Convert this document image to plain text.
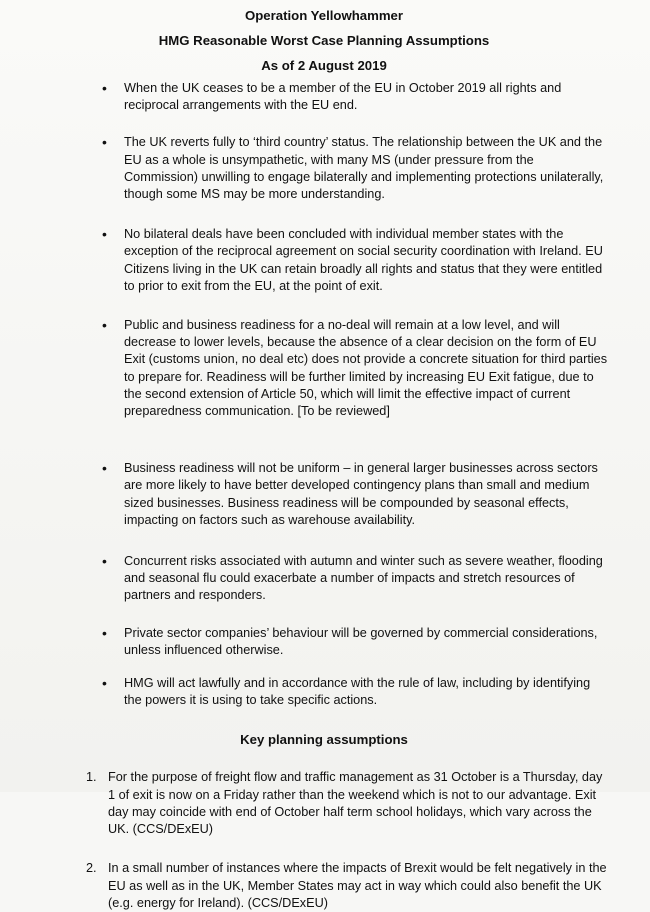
Operation Yellowhammer
HMG Reasonable Worst Case Planning Assumptions
As of 2 August 2019
• When the UK ceases to be a member of the EU in October 2019 all rights and reciprocal arrangements with the EU end.
• The UK reverts fully to ‘third country’ status. The relationship between the UK and the EU as a whole is unsympathetic, with many MS (under pressure from the Commission) unwilling to engage bilaterally and implementing protections unilaterally, though some MS may be more understanding.
• No bilateral deals have been concluded with individual member states with the exception of the reciprocal agreement on social security coordination with Ireland. EU Citizens living in the UK can retain broadly all rights and status that they were entitled to prior to exit from the EU, at the point of exit.
• Public and business readiness for a no-deal will remain at a low level, and will decrease to lower levels, because the absence of a clear decision on the form of EU Exit (customs union, no deal etc) does not provide a concrete situation for third parties to prepare for. Readiness will be further limited by increasing EU Exit fatigue, due to the second extension of Article 50, which will limit the effective impact of current preparedness communication. [To be reviewed]
• Business readiness will not be uniform – in general larger businesses across sectors are more likely to have better developed contingency plans than small and medium sized businesses. Business readiness will be compounded by seasonal effects, impacting on factors such as warehouse availability.
• Concurrent risks associated with autumn and winter such as severe weather, flooding and seasonal flu could exacerbate a number of impacts and stretch resources of partners and responders.
• Private sector companies’ behaviour will be governed by commercial considerations, unless influenced otherwise.
• HMG will act lawfully and in accordance with the rule of law, including by identifying the powers it is using to take specific actions.
Key planning assumptions
1. For the purpose of freight flow and traffic management as 31 October is a Thursday, day 1 of exit is now on a Friday rather than the weekend which is not to our advantage. Exit day may coincide with end of October half term school holidays, which vary across the UK. (CCS/DExEU)
2. In a small number of instances where the impacts of Brexit would be felt negatively in the EU as well as in the UK, Member States may act in way which could also benefit the UK (e.g. energy for Ireland). (CCS/DExEU)
